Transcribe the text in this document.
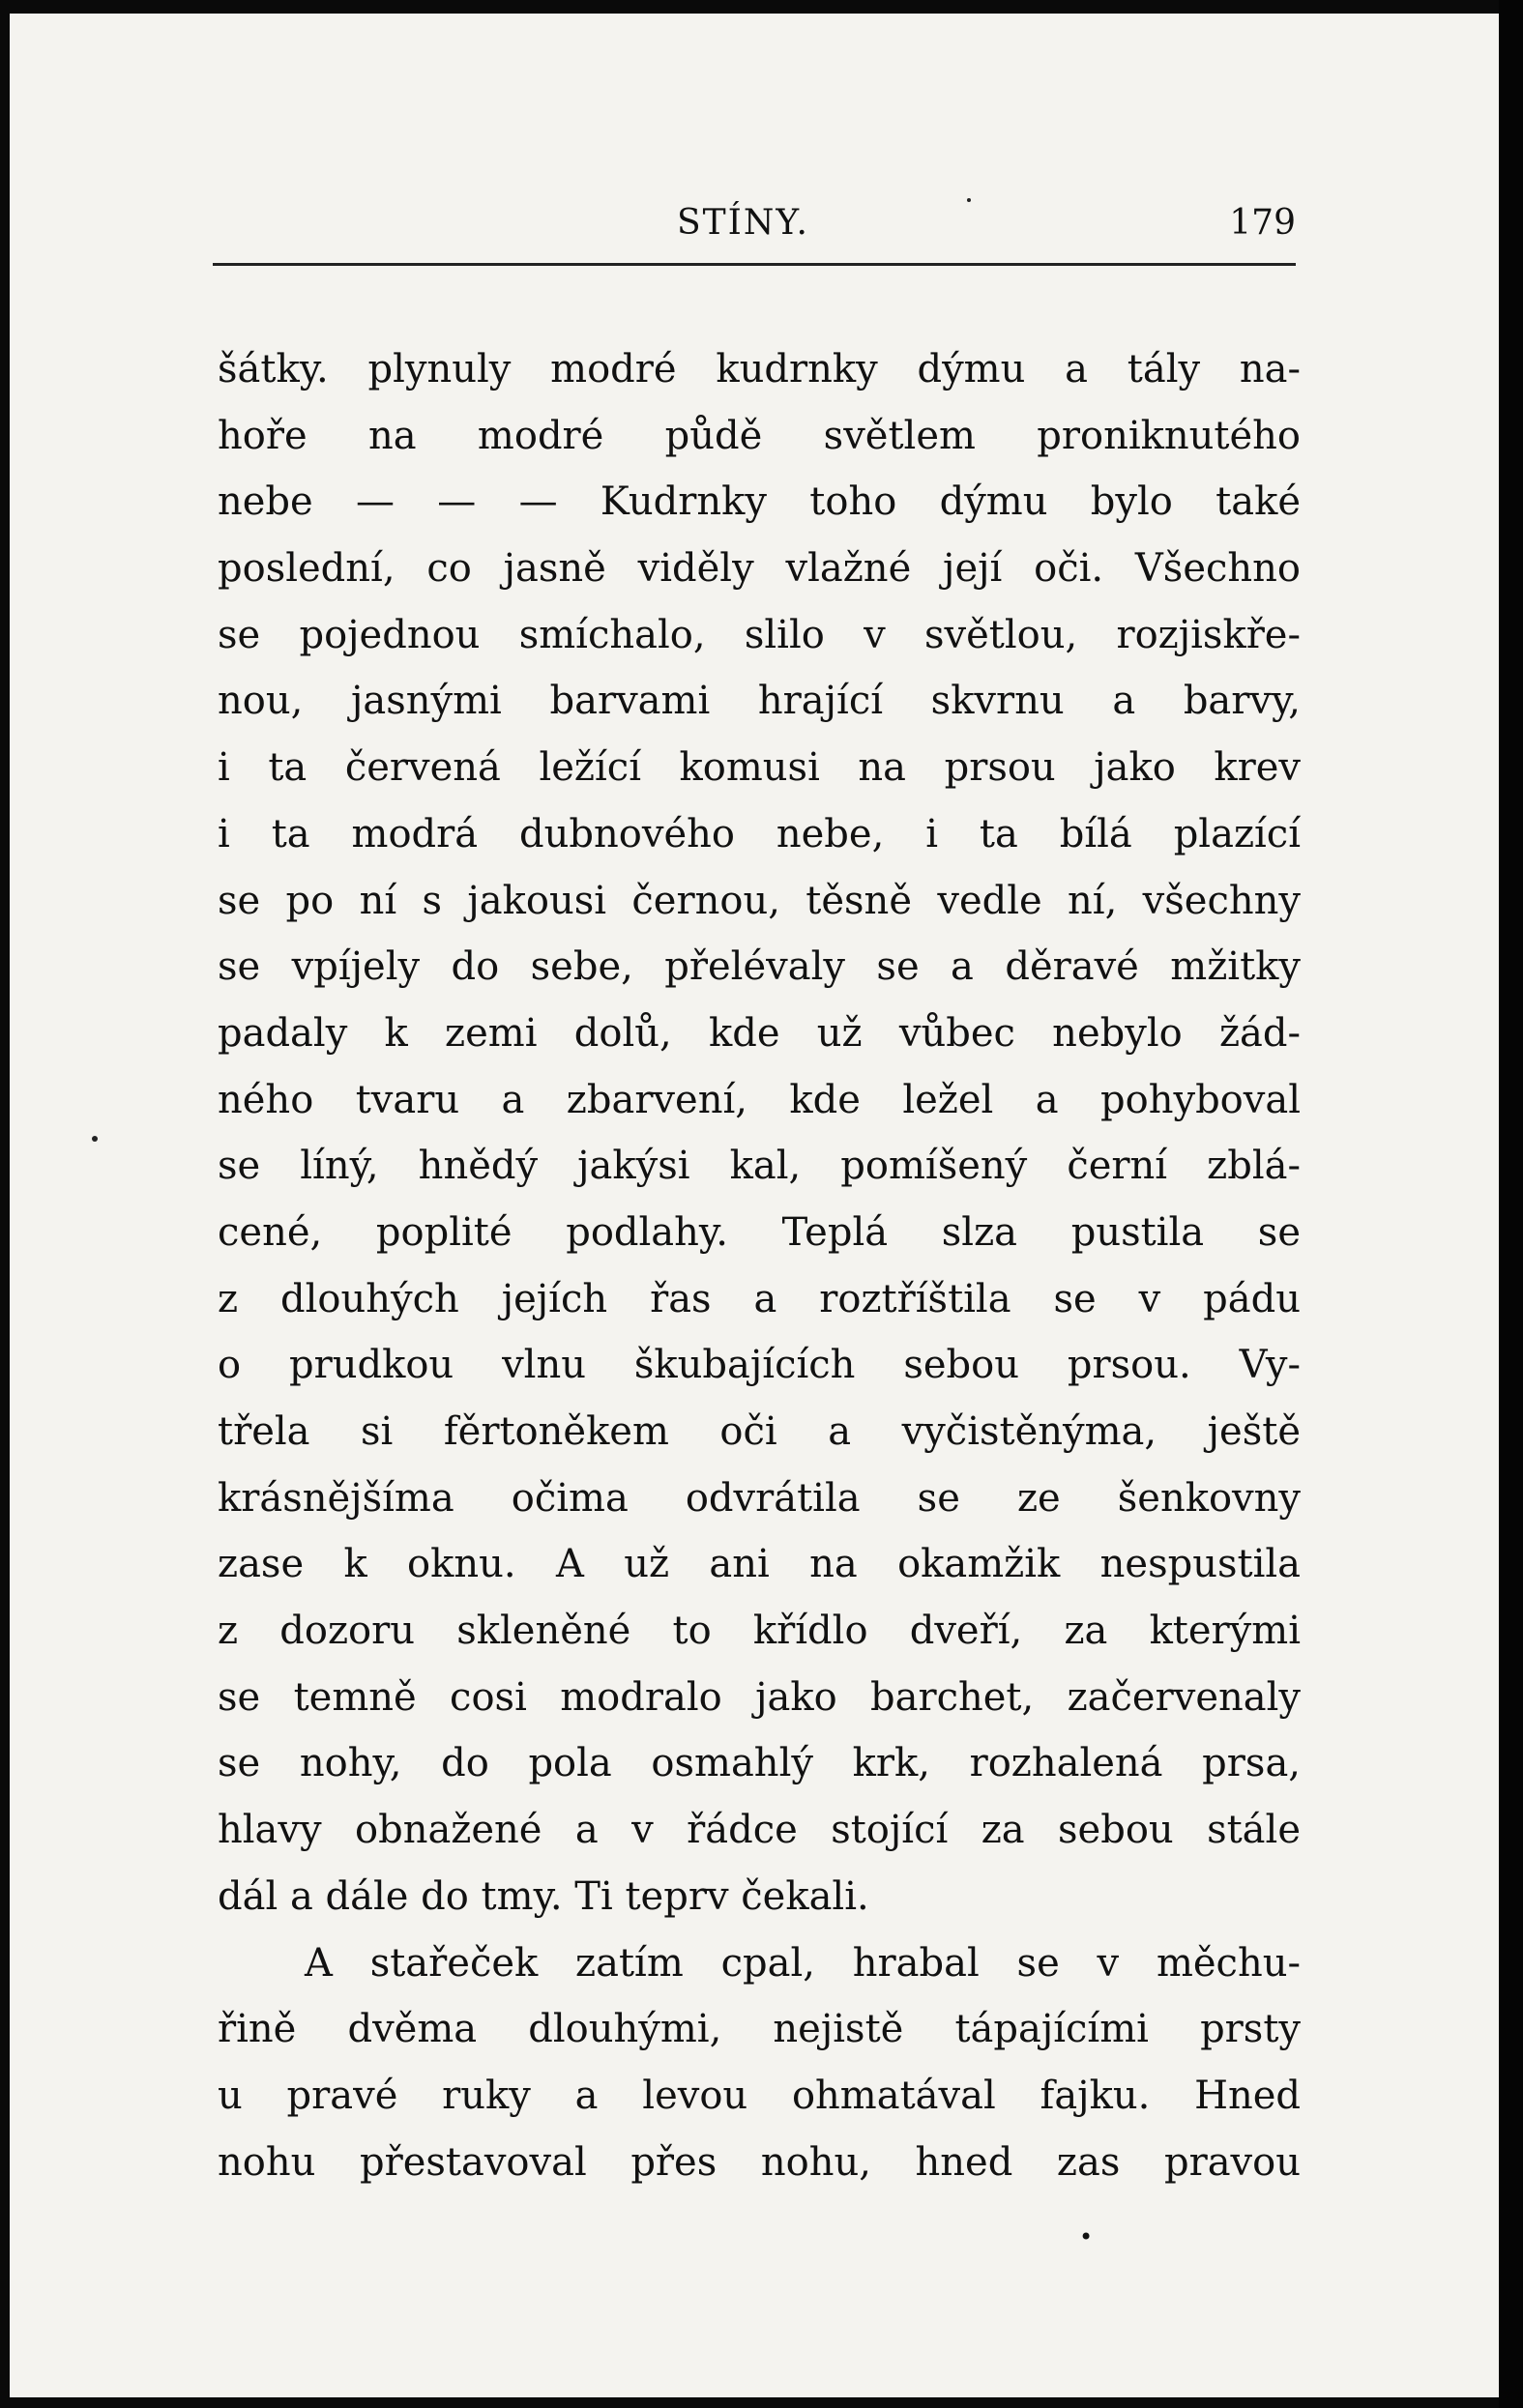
STÍNY.	179
šátky. plynuly modré kudrnky dýmu a tály na-
hoře na modré půdě světlem proniknutého
nebe — — — Kudrnky toho dýmu bylo také
poslední, co jasně viděly vlažné její oči. Všechno
se pojednou smíchalo, slilo v světlou, rozjiskře-
nou, jasnými barvami hrající skvrnu a barvy,
i ta červená ležící komusi na prsou jako krev
i ta modrá dubnového nebe, i ta bílá plazící
se po ní s jakousi černou, těsně vedle ní, všechny
se vpíjely do sebe, přelévaly se a děravé mžitky
padaly k zemi dolů, kde už vůbec nebylo žád-
ného tvaru a zbarvení, kde ležel a pohyboval
se líný, hnědý jakýsi kal, pomíšený černí zblá-
cené, poplité podlahy. Teplá slza pustila se
z dlouhých jejích řas a roztříštila se v pádu
o prudkou vlnu škubajících sebou prsou. Vy-
třela si fěrtoněkem oči a vyčistěnýma, ještě
krásnějšíma očima odvrátila se ze šenkovny
zase k oknu. A už ani na okamžik nespustila
z dozoru skleněné to křídlo dveří, za kterými
se temně cosi modralo jako barchet, začervenaly
se nohy, do pola osmahlý krk, rozhalená prsa,
hlavy obnažené a v řádce stojící za sebou stále
dál a dále do tmy. Ti teprv čekali.
A stařeček zatím cpal, hrabal se v měchu-
řině dvěma dlouhými, nejistě tápajícími prsty
u pravé ruky a levou ohmatával fajku. Hned
nohu přestavoval přes nohu, hned zas pravou
•
